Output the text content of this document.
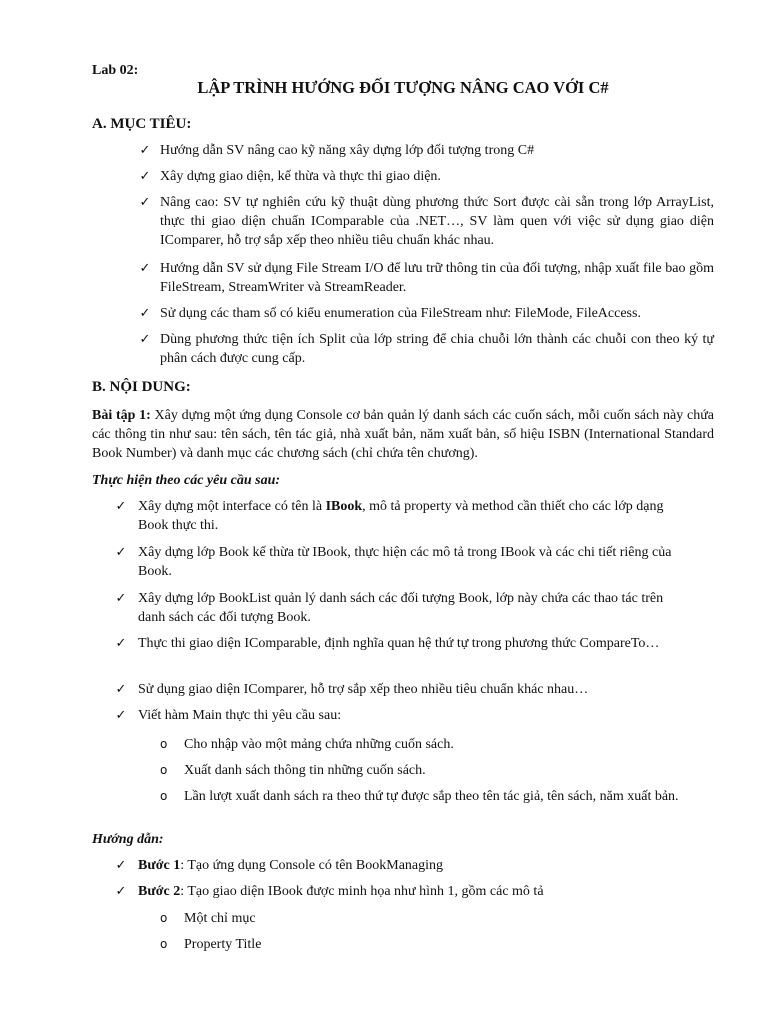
Lab 02:
LẬP TRÌNH HƯỚNG ĐỐI TƯỢNG NÂNG CAO VỚI C#
A. MỤC TIÊU:
✓ Hướng dẫn SV nâng cao kỹ năng xây dựng lớp đối tượng trong C#
✓ Xây dựng giao diện, kế thừa và thực thi giao diện.
✓ Nâng cao: SV tự nghiên cứu kỹ thuật dùng phương thức Sort được cài sẵn trong lớp ArrayList, thực thi giao diện chuẩn IComparable của .NET…, SV làm quen với việc sử dụng giao diện IComparer, hỗ trợ sắp xếp theo nhiều tiêu chuẩn khác nhau.
✓ Hướng dẫn SV sử dụng File Stream I/O để lưu trữ thông tin của đối tượng, nhập xuất file bao gồm FileStream, StreamWriter và StreamReader.
✓ Sử dụng các tham số có kiểu enumeration của FileStream như: FileMode, FileAccess.
✓ Dùng phương thức tiện ích Split của lớp string để chia chuỗi lớn thành các chuỗi con theo ký tự phân cách được cung cấp.
B. NỘI DUNG:
Bài tập 1: Xây dựng một ứng dụng Console cơ bản quản lý danh sách các cuốn sách, mỗi cuốn sách này chứa các thông tin như sau: tên sách, tên tác giả, nhà xuất bản, năm xuất bản, số hiệu ISBN (International Standard Book Number) và danh mục các chương sách (chỉ chứa tên chương).
Thực hiện theo các yêu cầu sau:
✓ Xây dựng một interface có tên là IBook, mô tả property và method cần thiết cho các lớp dạng Book thực thi.
✓ Xây dựng lớp Book kế thừa từ IBook, thực hiện các mô tả trong IBook và các chi tiết riêng của Book.
✓ Xây dựng lớp BookList quản lý danh sách các đối tượng Book, lớp này chứa các thao tác trên danh sách các đối tượng Book.
✓ Thực thi giao diện IComparable, định nghĩa quan hệ thứ tự trong phương thức CompareTo…
✓ Sử dụng giao diện IComparer, hỗ trợ sắp xếp theo nhiều tiêu chuẩn khác nhau…
✓ Viết hàm Main thực thi yêu cầu sau:
o Cho nhập vào một mảng chứa những cuốn sách.
o Xuất danh sách thông tin những cuốn sách.
o Lần lượt xuất danh sách ra theo thứ tự được sắp theo tên tác giả, tên sách, năm xuất bản.
Hướng dẫn:
✓ Bước 1: Tạo ứng dụng Console có tên BookManaging
✓ Bước 2: Tạo giao diện IBook được minh họa như hình 1, gồm các mô tả
o Một chỉ mục
o Property Title
